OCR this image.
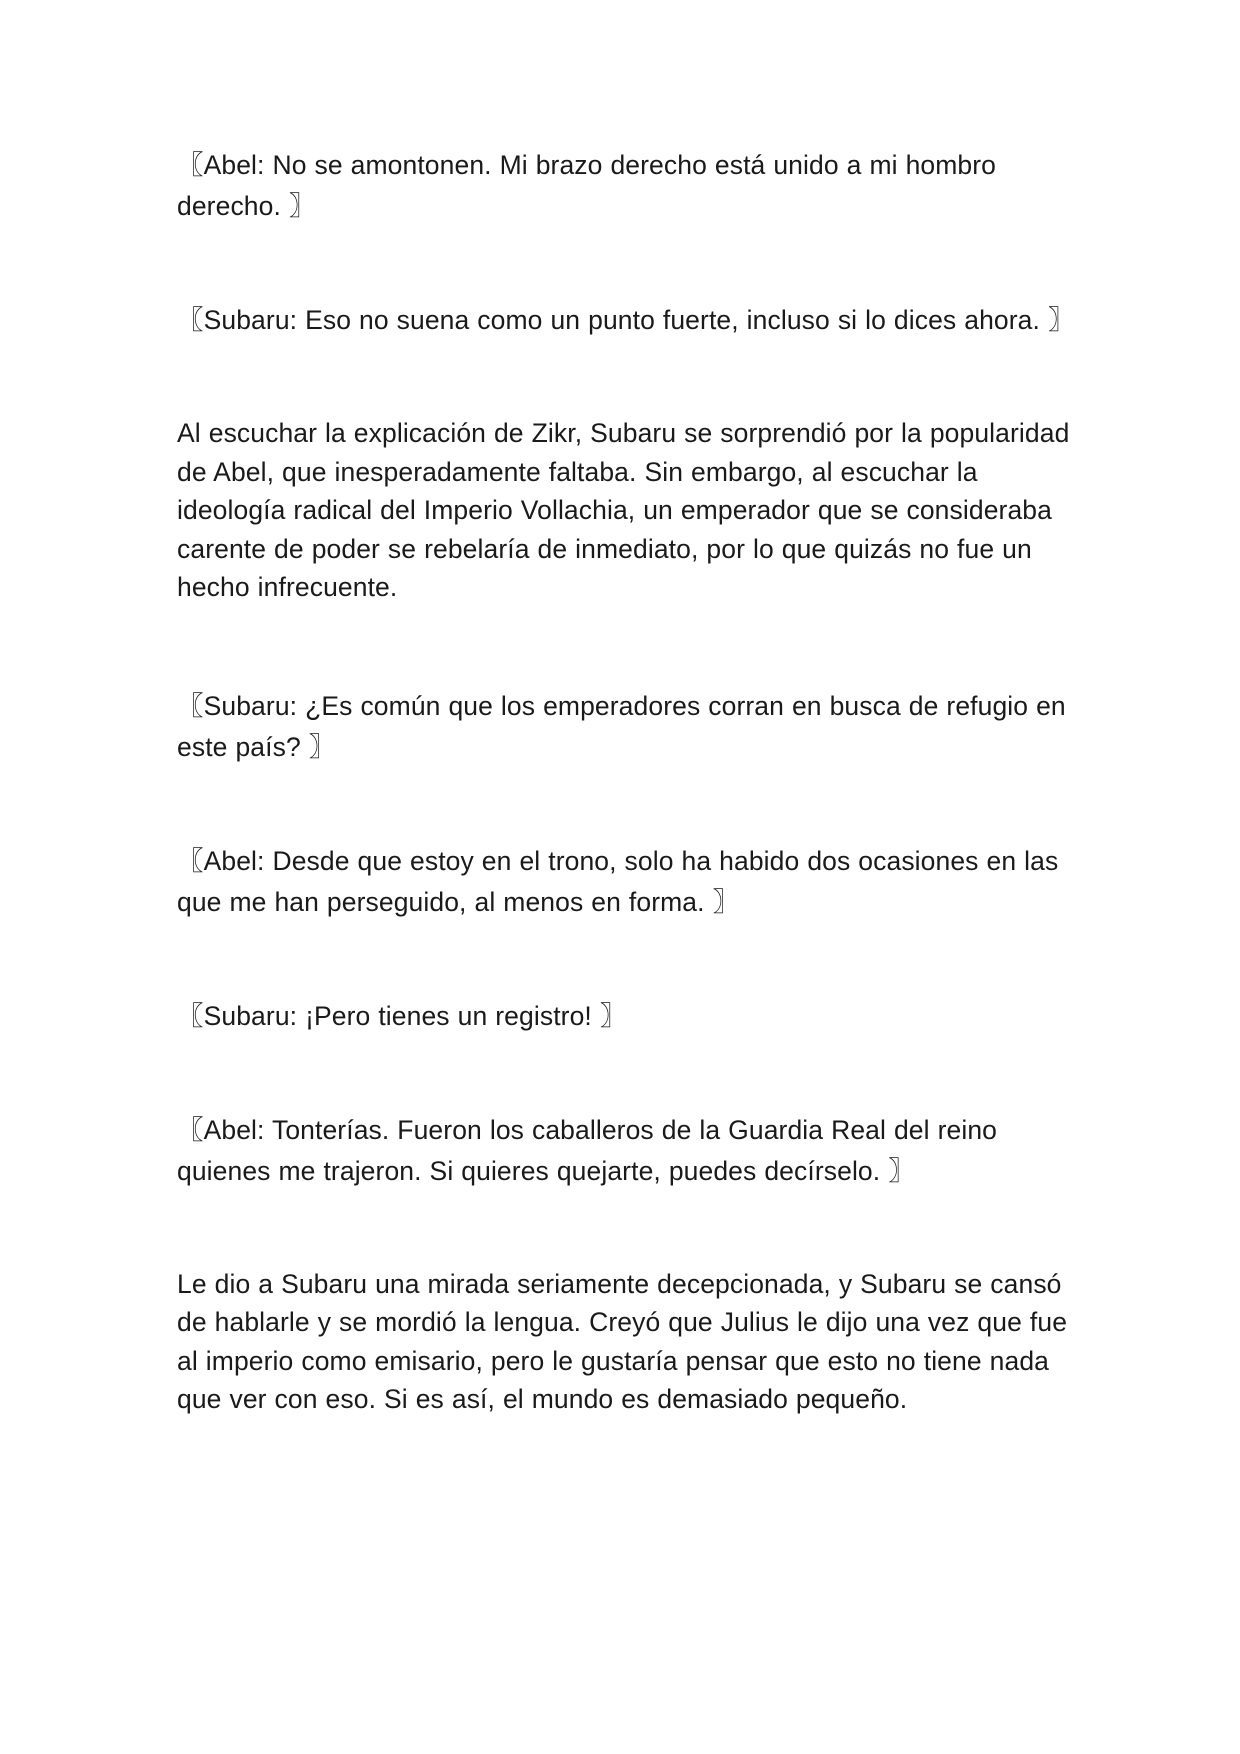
〖Abel: No se amontonen. Mi brazo derecho está unido a mi hombro derecho. 〗

〖Subaru: Eso no suena como un punto fuerte, incluso si lo dices ahora. 〗

Al escuchar la explicación de Zikr, Subaru se sorprendió por la popularidad de Abel, que inesperadamente faltaba. Sin embargo, al escuchar la ideología radical del Imperio Vollachia, un emperador que se consideraba carente de poder se rebelaría de inmediato, por lo que quizás no fue un hecho infrecuente.

〖Subaru: ¿Es común que los emperadores corran en busca de refugio en este país? 〗

〖Abel: Desde que estoy en el trono, solo ha habido dos ocasiones en las que me han perseguido, al menos en forma. 〗

〖Subaru: ¡Pero tienes un registro! 〗

〖Abel: Tonterías. Fueron los caballeros de la Guardia Real del reino quienes me trajeron. Si quieres quejarte, puedes decírselo. 〗

Le dio a Subaru una mirada seriamente decepcionada, y Subaru se cansó de hablarle y se mordió la lengua. Creyó que Julius le dijo una vez que fue al imperio como emisario, pero le gustaría pensar que esto no tiene nada que ver con eso. Si es así, el mundo es demasiado pequeño.
